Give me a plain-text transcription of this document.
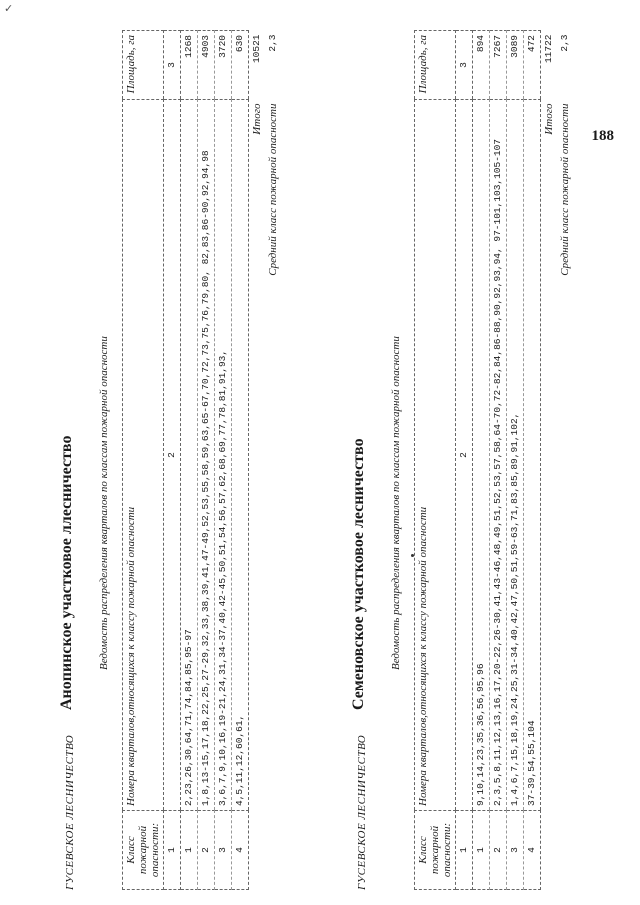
✓
188
ГУСЕВСКОЕ ЛЕСНИЧЕСТВО
Анопинское участковое ллесничество Ведомость распределения кварталов по классам пожарной опасности
Класс пожарной опасности:	Номера кварталов,относящихся к классу пожарной опасности	Площадь, га
1	2	3
1	2,23,26,30,64,71,74,84,85,95-97	1268
2	1,8,13-15,17,18,22,25,27-29,32,33,38,39,41,47-49,52,53,55,58,59,63,65-67,70,72,73,75,76,79,80, 82,83,86-90,92,94,98	4903
3	3,6,7,9,10,16,19-21,24,31,34-37,40,42-45,50,51,54,56,57,62,68,69,77,78,81,91,93,	3720
4	4,5,11,12,60,61,	630
	Итого	10521
	Средний класс пожарной опасности	2,3
ГУСЕВСКОЕ ЛЕСНИЧЕСТВО
Семеновское участковое лесничество Ведомость распределения кварталов по классам пожарной опасности
Класс пожарной опасности:	Номера кварталов,относящихся к классу пожарной опасности	Площадь, га
1	2	3
1	9,10,14,23,35,36,56,95,96	894
2	2,3,5,8,11,12,13,16,17,20-22,26-30,41,43-46,48,49,51,52,53,57,58,64-70,72-82,84,86-88,90,92,93,94, 97-101,103,105-107	7267
3	1,4,6,7,15,18,19,24,25,31-34,40,42,47,50,51,59-63,71,83,85,89,91,102,	3089
4	37-39,54,55,104	472
	Итого	11722
	Средний класс пожарной опасности	2,3
